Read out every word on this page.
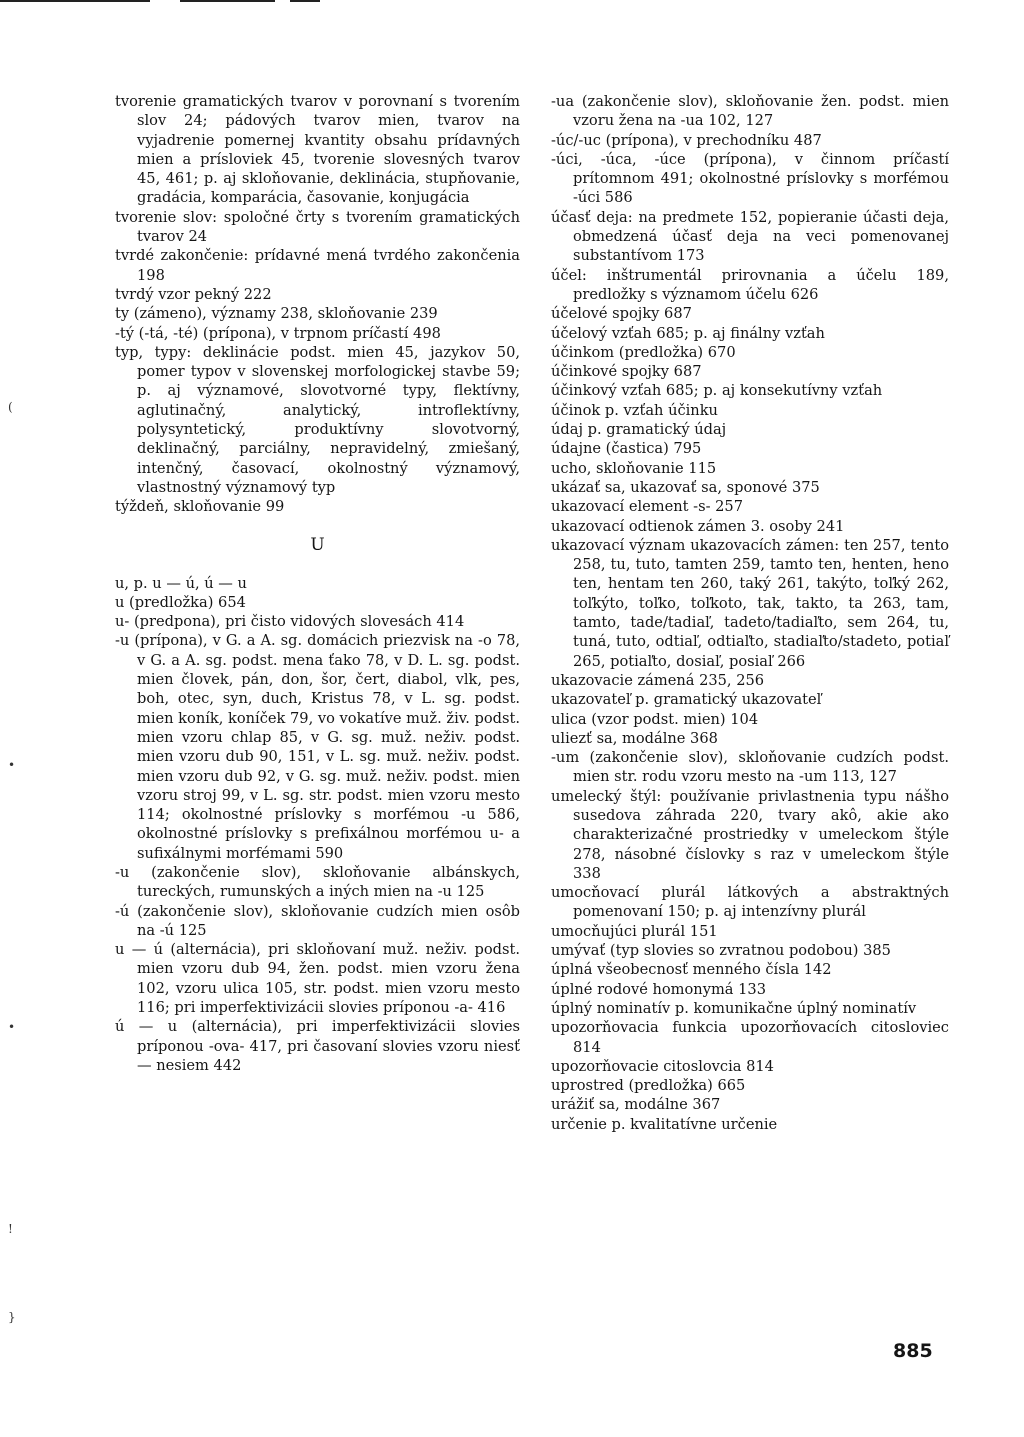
(
•
•
!
}

tvorenie gramatických tvarov v porovnaní s tvorením slov 24; pádových tvarov mien, tvarov na vyjadrenie pomernej kvantity obsahu prídavných mien a prísloviek 45, tvorenie slovesných tvarov 45, 461; p. aj skloňovanie, deklinácia, stupňovanie, gradácia, komparácia, časovanie, konjugácia

tvorenie slov: spoločné črty s tvorením gramatických tvarov 24

tvrdé zakončenie: prídavné mená tvrdého zakončenia 198

tvrdý vzor pekný 222

ty (zámeno), významy 238, skloňovanie 239

-tý (-tá, -té) (prípona), v trpnom príčastí 498

typ, typy: deklinácie podst. mien 45, jazykov 50, pomer typov v slovenskej morfologickej stavbe 59; p. aj významové, slovotvorné typy, flektívny, aglutinačný, analytický, introflektívny, polysyntetický, produktívny slovotvorný, deklinačný, parciálny, nepravidelný, zmiešaný, intenčný, časovací, okolnostný významový, vlastnostný významový typ

týždeň, skloňovanie 99

U

u, p. u — ú, ú — u

u (predložka) 654

u- (predpona), pri čisto vidových slovesách 414

-u (prípona), v G. a A. sg. domácich priezvisk na -o 78, v G. a A. sg. podst. mena ťako 78, v D. L. sg. podst. mien človek, pán, don, šor, čert, diabol, vlk, pes, boh, otec, syn, duch, Kristus 78, v L. sg. podst. mien koník, koníček 79, vo vokatíve muž. živ. podst. mien vzoru chlap 85, v G. sg. muž. neživ. podst. mien vzoru dub 90, 151, v L. sg. muž. neživ. podst. mien vzoru dub 92, v G. sg. muž. neživ. podst. mien vzoru stroj 99, v L. sg. str. podst. mien vzoru mesto 114; okolnostné príslovky s morfémou -u 586, okolnostné príslovky s prefixálnou morfémou u- a sufixálnymi morfémami 590

-u (zakončenie slov), skloňovanie albánskych, tureckých, rumunských a iných mien na -u 125

-ú (zakončenie slov), skloňovanie cudzích mien osôb na -ú 125

u — ú (alternácia), pri skloňovaní muž. neživ. podst. mien vzoru dub 94, žen. podst. mien vzoru žena 102, vzoru ulica 105, str. podst. mien vzoru mesto 116; pri imperfektivizácii slovies príponou -a- 416

ú — u (alternácia), pri imperfektivizácii slovies príponou -ova- 417, pri časovaní slovies vzoru niesť — nesiem 442

-ua (zakončenie slov), skloňovanie žen. podst. mien vzoru žena na -ua 102, 127

-úc/-uc (prípona), v prechodníku 487

-úci, -úca, -úce (prípona), v činnom príčastí prítomnom 491; okolnostné príslovky s morfémou -úci 586

účasť deja: na predmete 152, popieranie účasti deja, obmedzená účasť deja na veci pomenovanej substantívom 173

účel: inštrumentál prirovnania a účelu 189, predložky s významom účelu 626

účelové spojky 687

účelový vzťah 685; p. aj finálny vzťah

účinkom (predložka) 670

účinkové spojky 687

účinkový vzťah 685; p. aj konsekutívny vzťah

účinok p. vzťah účinku

údaj p. gramatický údaj

údajne (častica) 795

ucho, skloňovanie 115

ukázať sa, ukazovať sa, sponové 375

ukazovací element -s- 257

ukazovací odtienok zámen 3. osoby 241

ukazovací význam ukazovacích zámen: ten 257, tento 258, tu, tuto, tamten 259, tamto ten, henten, heno ten, hentam ten 260, taký 261, takýto, toľký 262, toľkýto, toľko, toľkoto, tak, takto, ta 263, tam, tamto, tade/tadiaľ, tadeto/tadiaľto, sem 264, tu, tuná, tuto, odtiaľ, odtiaľto, stadiaľto/stadeto, potiaľ 265, potiaľto, dosiaľ, posiaľ 266

ukazovacie zámená 235, 256

ukazovateľ p. gramatický ukazovateľ

ulica (vzor podst. mien) 104

uliezť sa, modálne 368

-um (zakončenie slov), skloňovanie cudzích podst. mien str. rodu vzoru mesto na -um 113, 127

umelecký štýl: používanie privlastnenia typu nášho susedova záhrada 220, tvary akô, akie ako charakterizačné prostriedky v umeleckom štýle 278, násobné číslovky s raz v umeleckom štýle 338

umocňovací plurál látkových a abstraktných pomenovaní 150; p. aj intenzívny plurál

umocňujúci plurál 151

umývať (typ slovies so zvratnou podobou) 385

úplná všeobecnosť menného čísla 142

úplné rodové homonymá 133

úplný nominatív p. komunikačne úplný nominatív

upozorňovacia funkcia upozorňovacích citosloviec 814

upozorňovacie citoslovcia 814

uprostred (predložka) 665

urážiť sa, modálne 367

určenie p. kvalitatívne určenie

885
